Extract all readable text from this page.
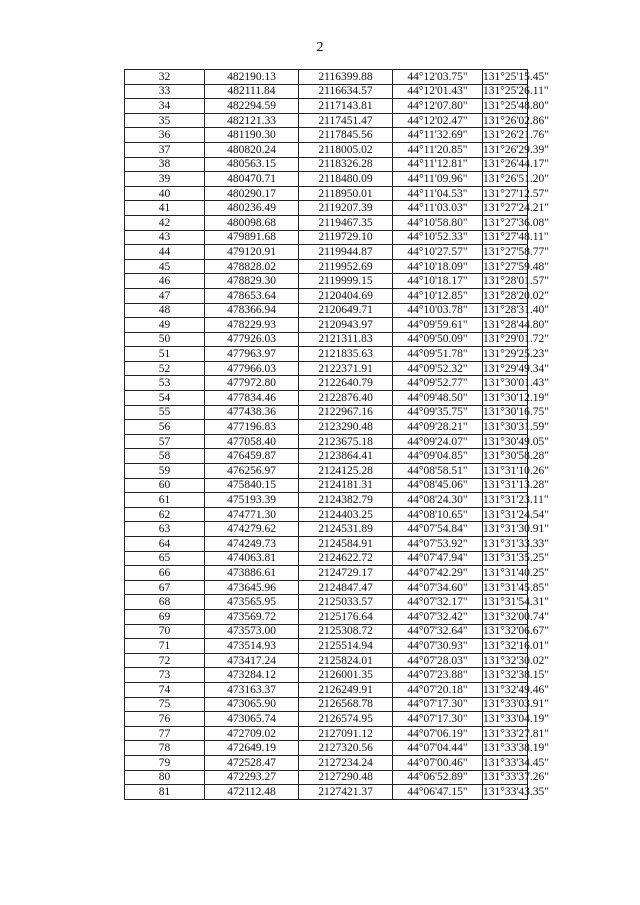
2
32	482190.13	2116399.88	44°12'03.75"	131°25'15.45"
33	482111.84	2116634.57	44°12'01.43"	131°25'26.11"
34	482294.59	2117143.81	44°12'07.80"	131°25'48.80"
35	482121.33	2117451.47	44°12'02.47"	131°26'02.86"
36	481190.30	2117845.56	44°11'32.69"	131°26'21.76"
37	480820.24	2118005.02	44°11'20.85"	131°26'29.39"
38	480563.15	2118326.28	44°11'12.81"	131°26'44.17"
39	480470.71	2118480.09	44°11'09.96"	131°26'51.20"
40	480290.17	2118950.01	44°11'04.53"	131°27'12.57"
41	480236.49	2119207.39	44°11'03.03"	131°27'24.21"
42	480098.68	2119467.35	44°10'58.80"	131°27'36.08"
43	479891.68	2119729.10	44°10'52.33"	131°27'48.11"
44	479120.91	2119944.87	44°10'27.57"	131°27'58.77"
45	478828.02	2119952.69	44°10'18.09"	131°27'59.48"
46	478829.30	2119999.15	44°10'18.17"	131°28'01.57"
47	478653.64	2120404.69	44°10'12.85"	131°28'20.02"
48	478366.94	2120649.71	44°10'03.78"	131°28'31.40"
49	478229.93	2120943.97	44°09'59.61"	131°28'44.80"
50	477926.03	2121311.83	44°09'50.09"	131°29'01.72"
51	477963.97	2121835.63	44°09'51.78"	131°29'25.23"
52	477966.03	2122371.91	44°09'52.32"	131°29'49.34"
53	477972.80	2122640.79	44°09'52.77"	131°30'01.43"
54	477834.46	2122876.40	44°09'48.50"	131°30'12.19"
55	477438.36	2122967.16	44°09'35.75"	131°30'16.75"
56	477196.83	2123290.48	44°09'28.21"	131°30'31.59"
57	477058.40	2123675.18	44°09'24.07"	131°30'49.05"
58	476459.87	2123864.41	44°09'04.85"	131°30'58.28"
59	476256.97	2124125.28	44°08'58.51"	131°31'10.26"
60	475840.15	2124181.31	44°08'45.06"	131°31'13.28"
61	475193.39	2124382.79	44°08'24.30"	131°31'23.11"
62	474771.30	2124403.25	44°08'10.65"	131°31'24.54"
63	474279.62	2124531.89	44°07'54.84"	131°31'30.91"
64	474249.73	2124584.91	44°07'53.92"	131°31'33.33"
65	474063.81	2124622.72	44°07'47.94"	131°31'35.25"
66	473886.61	2124729.17	44°07'42.29"	131°31'40.25"
67	473645.96	2124847.47	44°07'34.60"	131°31'45.85"
68	473565.95	2125033.57	44°07'32.17"	131°31'54.31"
69	473569.72	2125176.64	44°07'32.42"	131°32'00.74"
70	473573.00	2125308.72	44°07'32.64"	131°32'06.67"
71	473514.93	2125514.94	44°07'30.93"	131°32'16.01"
72	473417.24	2125824.01	44°07'28.03"	131°32'30.02"
73	473284.12	2126001.35	44°07'23.88"	131°32'38.15"
74	473163.37	2126249.91	44°07'20.18"	131°32'49.46"
75	473065.90	2126568.78	44°07'17.30"	131°33'03.91"
76	473065.74	2126574.95	44°07'17.30"	131°33'04.19"
77	472709.02	2127091.12	44°07'06.19"	131°33'27.81"
78	472649.19	2127320.56	44°07'04.44"	131°33'38.19"
79	472528.47	2127234.24	44°07'00.46"	131°33'34.45"
80	472293.27	2127290.48	44°06'52.89"	131°33'37.26"
81	472112.48	2127421.37	44°06'47.15"	131°33'43.35"
